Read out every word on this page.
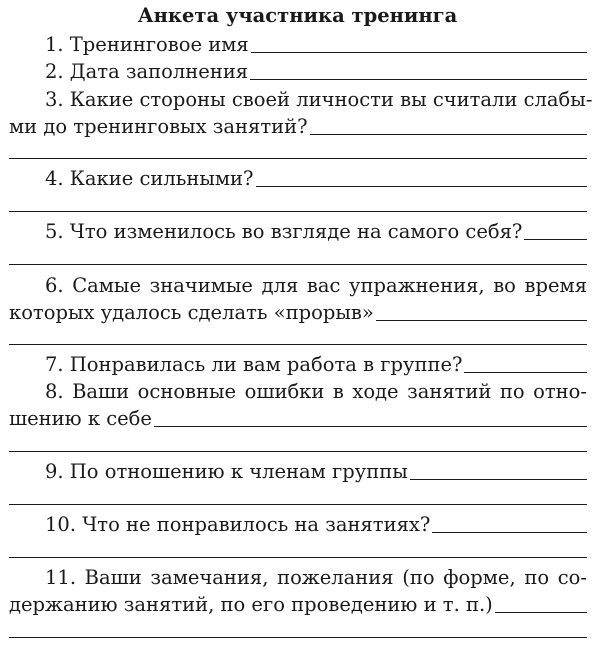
Анкета участника тренинга
1. Тренинговое имя
2. Дата заполнения
3. Какие стороны своей личности вы считали слабы-
ми до тренинговых занятий?
4. Какие сильными?
5. Что изменилось во взгляде на самого себя?
6. Самые значимые для вас упражнения, во время
которых удалось сделать «прорыв»
7. Понравилась ли вам работа в группе?
8. Ваши основные ошибки в ходе занятий по отно-
шению к себе
9. По отношению к членам группы
10. Что не понравилось на занятиях?
11. Ваши замечания, пожелания (по форме, по со-
держанию занятий, по его проведению и т. п.)
